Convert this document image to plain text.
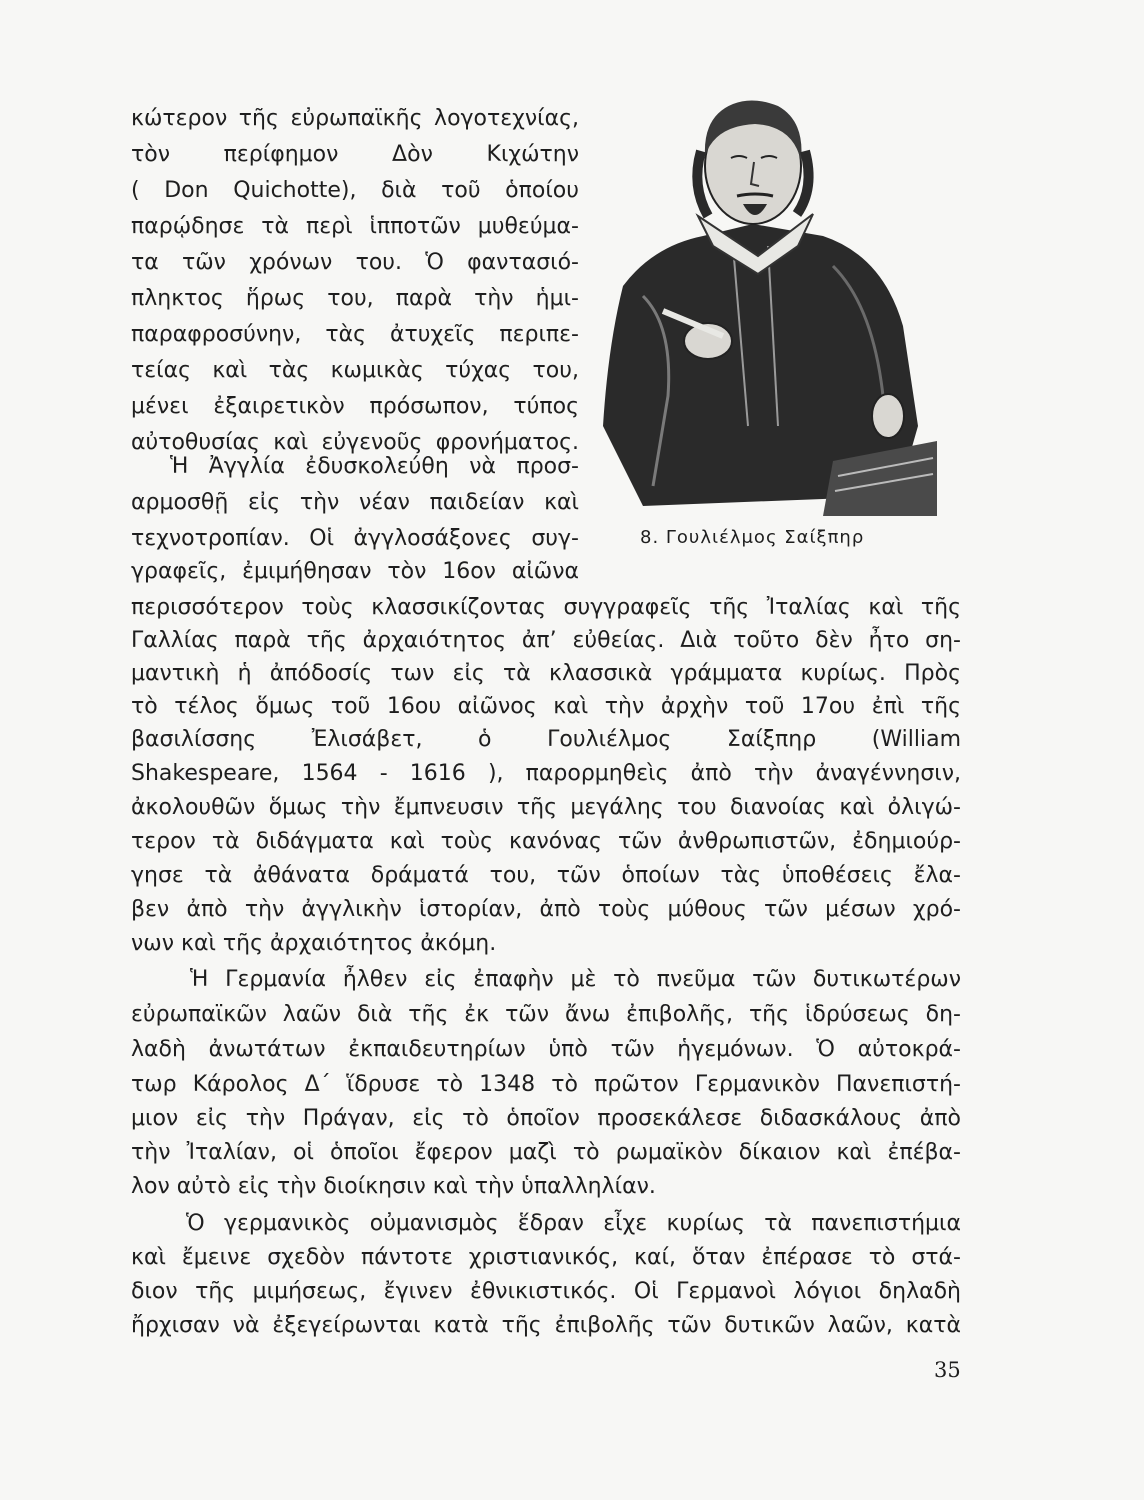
κώτερον τῆς εὐρωπαϊκῆς λογοτεχνίας,
τὸν περίφημον Δὸν Κιχώτην
( Don Quichotte), διὰ τοῦ ὁποίου
παρῴδησε τὰ περὶ ἱπποτῶν μυθεύμα-
τα τῶν χρόνων του. Ὁ φαντασιό-
πληκτος ἥρως του, παρὰ τὴν ἡμι-
παραφροσύνην, τὰς ἀτυχεῖς περιπε-
τείας καὶ τὰς κωμικὰς τύχας του,
μένει ἐξαιρετικὸν πρόσωπον, τύπος
αὐτοθυσίας καὶ εὐγενοῦς φρονήματος.
Ἡ Ἀγγλία ἐδυσκολεύθη νὰ προσ-
αρμοσθῇ εἰς τὴν νέαν παιδείαν καὶ
τεχνοτροπίαν. Οἱ ἀγγλοσάξονες συγ-
γραφεῖς, ἐμιμήθησαν τὸν 16ον αἰῶνα
8. Γουλιέλμος Σαίξπηρ
περισσότερον τοὺς κλασσικίζοντας συγγραφεῖς τῆς Ἰταλίας καὶ τῆς
Γαλλίας παρὰ τῆς ἀρχαιότητος ἀπ’ εὐθείας. Διὰ τοῦτο δὲν ἦτο ση-
μαντικὴ ἡ ἀπόδοσίς των εἰς τὰ κλασσικὰ γράμματα κυρίως. Πρὸς
τὸ τέλος ὅμως τοῦ 16ου αἰῶνος καὶ τὴν ἀρχὴν τοῦ 17ου ἐπὶ τῆς
βασιλίσσης Ἐλισάβετ, ὁ Γουλιέλμος Σαίξπηρ (William
Shakespeare, 1564 - 1616 ), παρορμηθεὶς ἀπὸ τὴν ἀναγέννησιν,
ἀκολουθῶν ὅμως τὴν ἔμπνευσιν τῆς μεγάλης του διανοίας καὶ ὀλιγώ-
τερον τὰ διδάγματα καὶ τοὺς κανόνας τῶν ἀνθρωπιστῶν, ἐδημιούρ-
γησε τὰ ἀθάνατα δράματά του, τῶν ὁποίων τὰς ὑποθέσεις ἔλα-
βεν ἀπὸ τὴν ἀγγλικὴν ἱστορίαν, ἀπὸ τοὺς μύθους τῶν μέσων χρό-
νων καὶ τῆς ἀρχαιότητος ἀκόμη.
Ἡ Γερμανία ἦλθεν εἰς ἐπαφὴν μὲ τὸ πνεῦμα τῶν δυτικωτέρων
εὐρωπαϊκῶν λαῶν διὰ τῆς ἐκ τῶν ἄνω ἐπιβολῆς, τῆς ἱδρύσεως δη-
λαδὴ ἀνωτάτων ἐκπαιδευτηρίων ὑπὸ τῶν ἡγεμόνων. Ὁ αὐτοκρά-
τωρ Κάρολος Δ΄ ἵδρυσε τὸ 1348 τὸ πρῶτον Γερμανικὸν Πανεπιστή-
μιον εἰς τὴν Πράγαν, εἰς τὸ ὁποῖον προσεκάλεσε διδασκάλους ἀπὸ
τὴν Ἰταλίαν, οἱ ὁποῖοι ἔφερον μαζὶ τὸ ρωμαϊκὸν δίκαιον καὶ ἐπέβα-
λον αὐτὸ εἰς τὴν διοίκησιν καὶ τὴν ὑπαλληλίαν.
Ὁ γερμανικὸς οὐμανισμὸς ἕδραν εἶχε κυρίως τὰ πανεπιστήμια
καὶ ἔμεινε σχεδὸν πάντοτε χριστιανικός, καί, ὅταν ἐπέρασε τὸ στά-
διον τῆς μιμήσεως, ἔγινεν ἐθνικιστικός. Οἱ Γερμανοὶ λόγιοι δηλαδὴ
ἤρχισαν νὰ ἐξεγείρωνται κατὰ τῆς ἐπιβολῆς τῶν δυτικῶν λαῶν, κατὰ
35
